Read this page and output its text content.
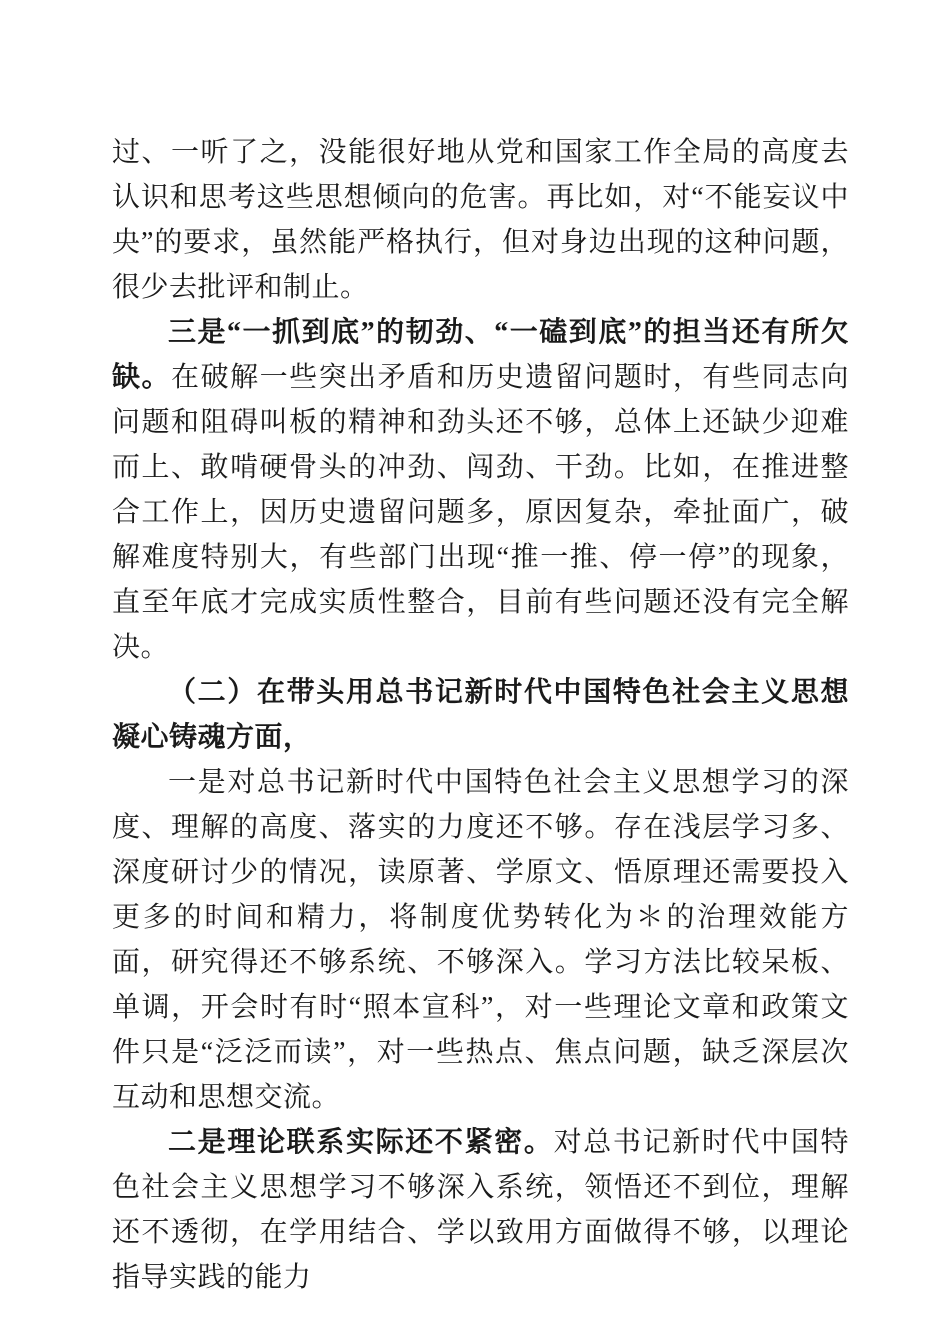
过、一听了之，没能很好地从党和国家工作全局的高度去认识和思考这些思想倾向的危害。再比如，对“不能妄议中央”的要求，虽然能严格执行，但对身边出现的这种问题，很少去批评和制止。

三是“一抓到底”的韧劲、“一磕到底”的担当还有所欠缺。在破解一些突出矛盾和历史遗留问题时，有些同志向问题和阻碍叫板的精神和劲头还不够，总体上还缺少迎难而上、敢啃硬骨头的冲劲、闯劲、干劲。比如，在推进整合工作上，因历史遗留问题多，原因复杂，牵扯面广，破解难度特别大，有些部门出现“推一推、停一停”的现象，直至年底才完成实质性整合，目前有些问题还没有完全解决。

（二）在带头用总书记新时代中国特色社会主义思想凝心铸魂方面，

一是对总书记新时代中国特色社会主义思想学习的深度、理解的高度、落实的力度还不够。存在浅层学习多、深度研讨少的情况，读原著、学原文、悟原理还需要投入更多的时间和精力，将制度优势转化为＊的治理效能方面，研究得还不够系统、不够深入。学习方法比较呆板、单调，开会时有时“照本宣科”，对一些理论文章和政策文件只是“泛泛而读”，对一些热点、焦点问题，缺乏深层次互动和思想交流。

二是理论联系实际还不紧密。对总书记新时代中国特色社会主义思想学习不够深入系统，领悟还不到位，理解还不透彻，在学用结合、学以致用方面做得不够，以理论指导实践的能力
